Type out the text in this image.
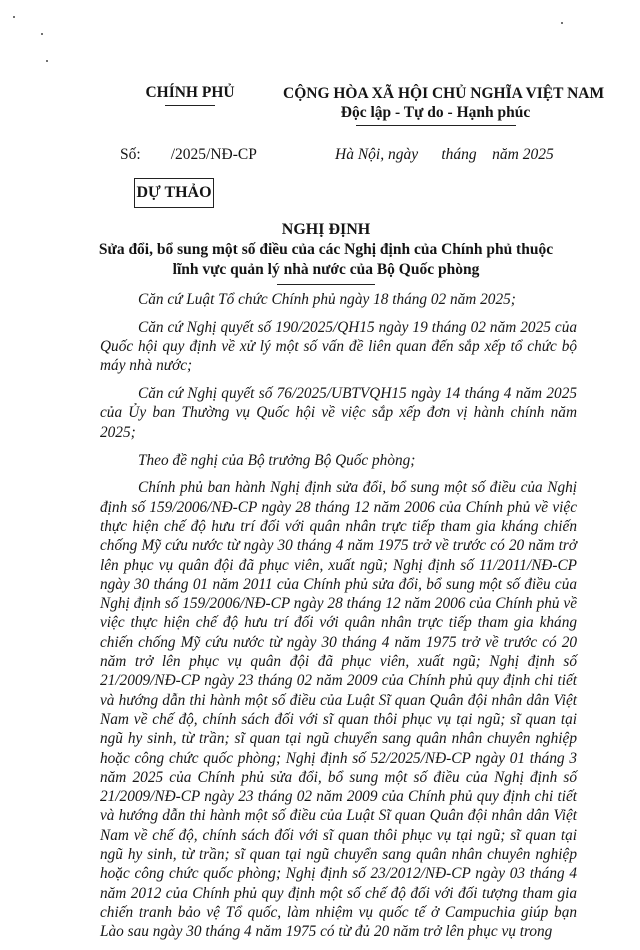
CHÍNH PHỦ	CỘNG HÒA XÃ HỘI CHỦ NGHĨA VIỆT NAM
Độc lập - Tự do - Hạnh phúc
Số: /2025/NĐ-CP	Hà Nội, ngày      tháng    năm 2025
DỰ THẢO
NGHỊ ĐỊNH
Sửa đổi, bổ sung một số điều của các Nghị định của Chính phủ thuộc lĩnh vực quản lý nhà nước của Bộ Quốc phòng

Căn cứ Luật Tổ chức Chính phủ ngày 18 tháng 02 năm 2025;

Căn cứ Nghị quyết số 190/2025/QH15 ngày 19 tháng 02 năm 2025 của Quốc hội quy định về xử lý một số vấn đề liên quan đến sắp xếp tổ chức bộ máy nhà nước;

Căn cứ Nghị quyết số 76/2025/UBTVQH15 ngày 14 tháng 4 năm 2025 của Ủy ban Thường vụ Quốc hội về việc sắp xếp đơn vị hành chính năm 2025;

Theo đề nghị của Bộ trưởng Bộ Quốc phòng;

Chính phủ ban hành Nghị định sửa đổi, bổ sung một số điều của Nghị định số 159/2006/NĐ-CP ngày 28 tháng 12 năm 2006 của Chính phủ về việc thực hiện chế độ hưu trí đối với quân nhân trực tiếp tham gia kháng chiến chống Mỹ cứu nước từ ngày 30 tháng 4 năm 1975 trở về trước có 20 năm trở lên phục vụ quân đội đã phục viên, xuất ngũ; Nghị định số 11/2011/NĐ-CP ngày 30 tháng 01 năm 2011 của Chính phủ sửa đổi, bổ sung một số điều của Nghị định số 159/2006/NĐ-CP ngày 28 tháng 12 năm 2006 của Chính phủ về việc thực hiện chế độ hưu trí đối với quân nhân trực tiếp tham gia kháng chiến chống Mỹ cứu nước từ ngày 30 tháng 4 năm 1975 trở về trước có 20 năm trở lên phục vụ quân đội đã phục viên, xuất ngũ; Nghị định số 21/2009/NĐ-CP ngày 23 tháng 02 năm 2009 của Chính phủ quy định chi tiết và hướng dẫn thi hành một số điều của Luật Sĩ quan Quân đội nhân dân Việt Nam về chế độ, chính sách đối với sĩ quan thôi phục vụ tại ngũ; sĩ quan tại ngũ hy sinh, từ trần; sĩ quan tại ngũ chuyển sang quân nhân chuyên nghiệp hoặc công chức quốc phòng; Nghị định số 52/2025/NĐ-CP ngày 01 tháng 3 năm 2025 của Chính phủ sửa đổi, bổ sung một số điều của Nghị định số 21/2009/NĐ-CP ngày 23 tháng 02 năm 2009 của Chính phủ quy định chi tiết và hướng dẫn thi hành một số điều của Luật Sĩ quan Quân đội nhân dân Việt Nam về chế độ, chính sách đối với sĩ quan thôi phục vụ tại ngũ; sĩ quan tại ngũ hy sinh, từ trần; sĩ quan tại ngũ chuyển sang quân nhân chuyên nghiệp hoặc công chức quốc phòng; Nghị định số 23/2012/NĐ-CP ngày 03 tháng 4 năm 2012 của Chính phủ quy định một số chế độ đối với đối tượng tham gia chiến tranh bảo vệ Tổ quốc, làm nhiệm vụ quốc tế ở Campuchia giúp bạn Lào sau ngày 30 tháng 4 năm 1975 có từ đủ 20 năm trở lên phục vụ trong
